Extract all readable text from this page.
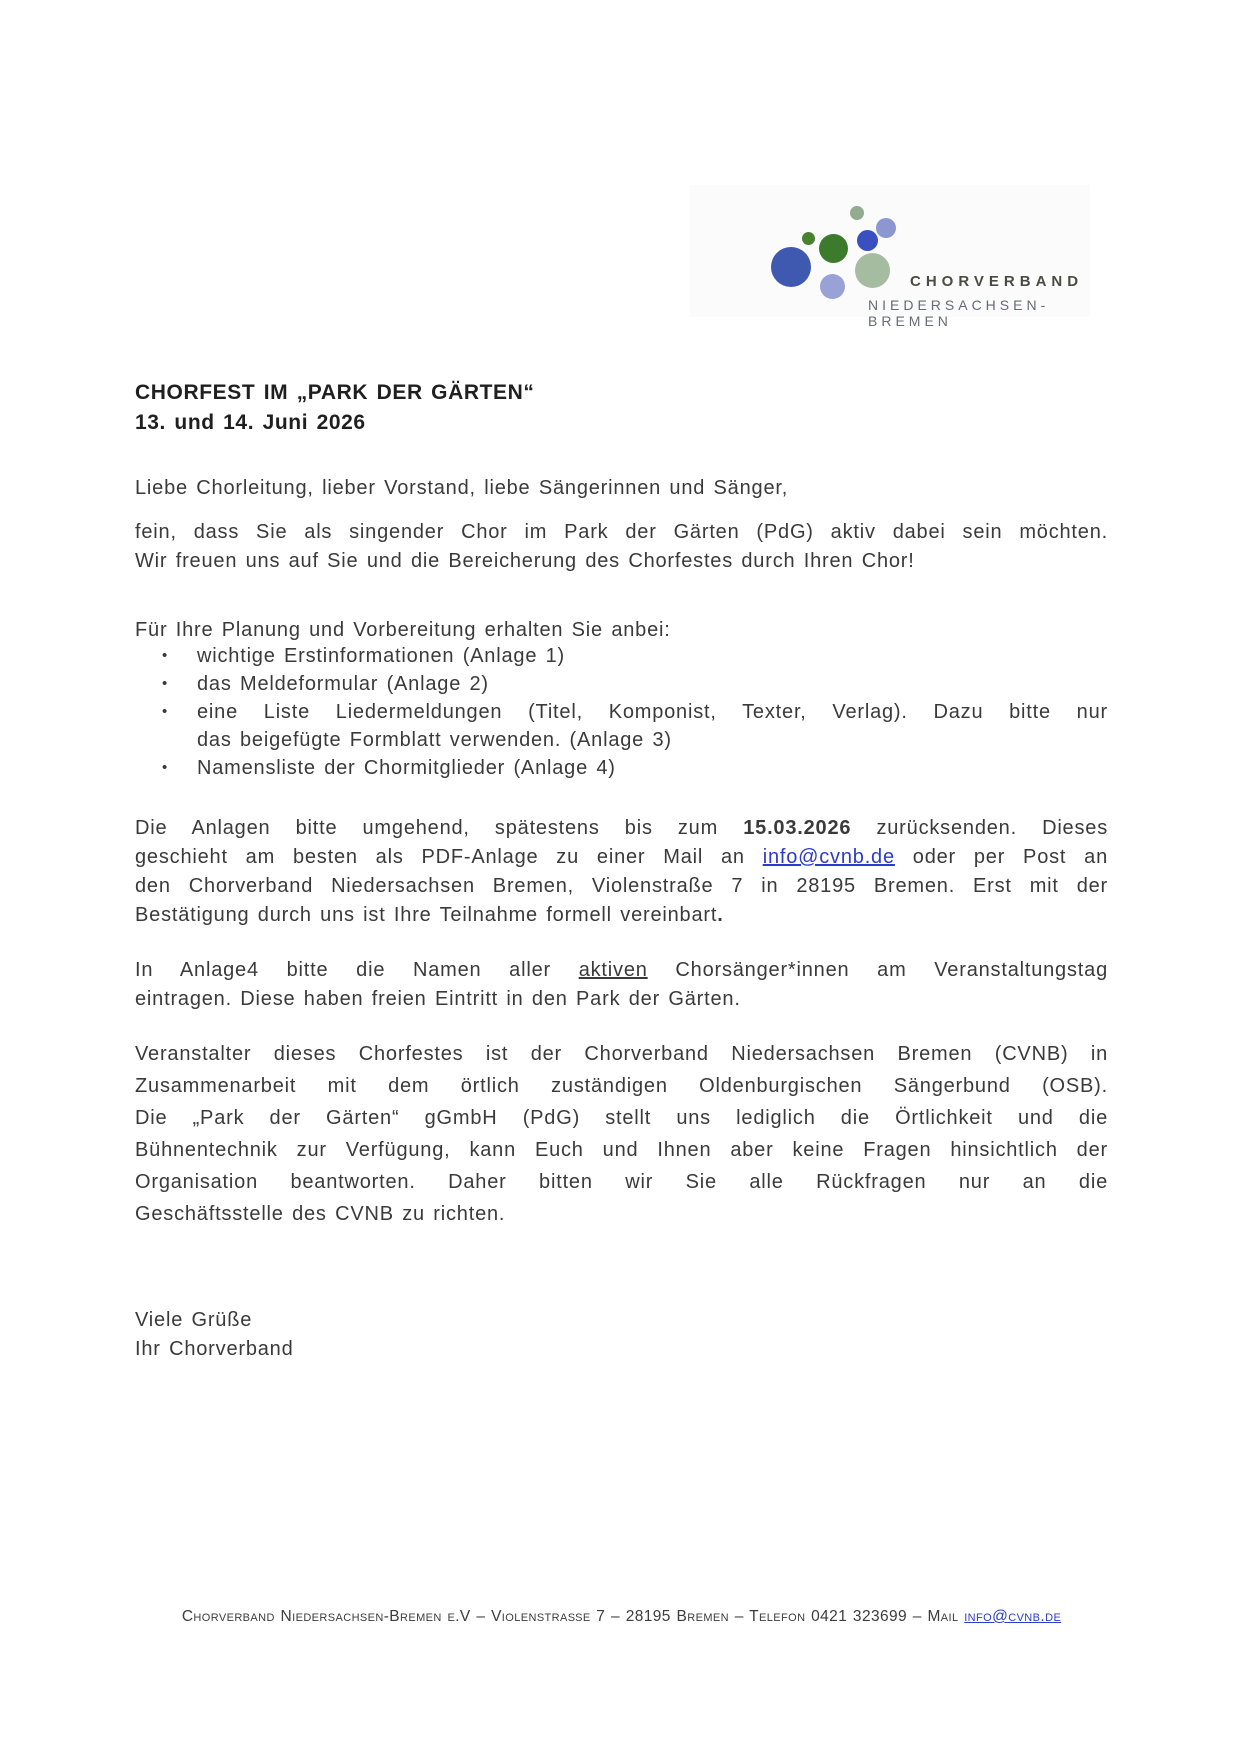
CHORVERBAND
NIEDERSACHSEN-BREMEN
CHORFEST IM „PARK DER GÄRTEN“
13. und 14. Juni 2026
Liebe Chorleitung, lieber Vorstand, liebe Sängerinnen und Sänger,
fein, dass Sie als singender Chor im Park der Gärten (PdG) aktiv dabei sein möchten.
Wir freuen uns auf Sie und die Bereicherung des Chorfestes durch Ihren Chor!
Für Ihre Planung und Vorbereitung erhalten Sie anbei:
•	wichtige Erstinformationen (Anlage 1)
•	das Meldeformular (Anlage 2)
•	eine Liste Liedermeldungen (Titel, Komponist, Texter, Verlag). Dazu bitte nur
das beigefügte Formblatt verwenden. (Anlage 3)
•	Namensliste der Chormitglieder (Anlage 4)
Die Anlagen bitte umgehend, spätestens bis zum 15.03.2026 zurücksenden. Dieses
geschieht am besten als PDF-Anlage zu einer Mail an info@cvnb.de oder per Post an
den Chorverband Niedersachsen Bremen, Violenstraße 7 in 28195 Bremen. Erst mit der
Bestätigung durch uns ist Ihre Teilnahme formell vereinbart.
In Anlage4 bitte die Namen aller aktiven Chorsänger*innen am Veranstaltungstag
eintragen. Diese haben freien Eintritt in den Park der Gärten.
Veranstalter dieses Chorfestes ist der Chorverband Niedersachsen Bremen (CVNB) in
Zusammenarbeit mit dem örtlich zuständigen Oldenburgischen Sängerbund (OSB).
Die „Park der Gärten“ gGmbH (PdG) stellt uns lediglich die Örtlichkeit und die
Bühnentechnik zur Verfügung, kann Euch und Ihnen aber keine Fragen hinsichtlich der
Organisation beantworten. Daher bitten wir Sie alle Rückfragen nur an die
Geschäftsstelle des CVNB zu richten.
Viele Grüße
Ihr Chorverband
Chorverband Niedersachsen-Bremen e.V – Violenstraße 7 – 28195 Bremen – Telefon 0421 323699 – Mail info@cvnb.de
